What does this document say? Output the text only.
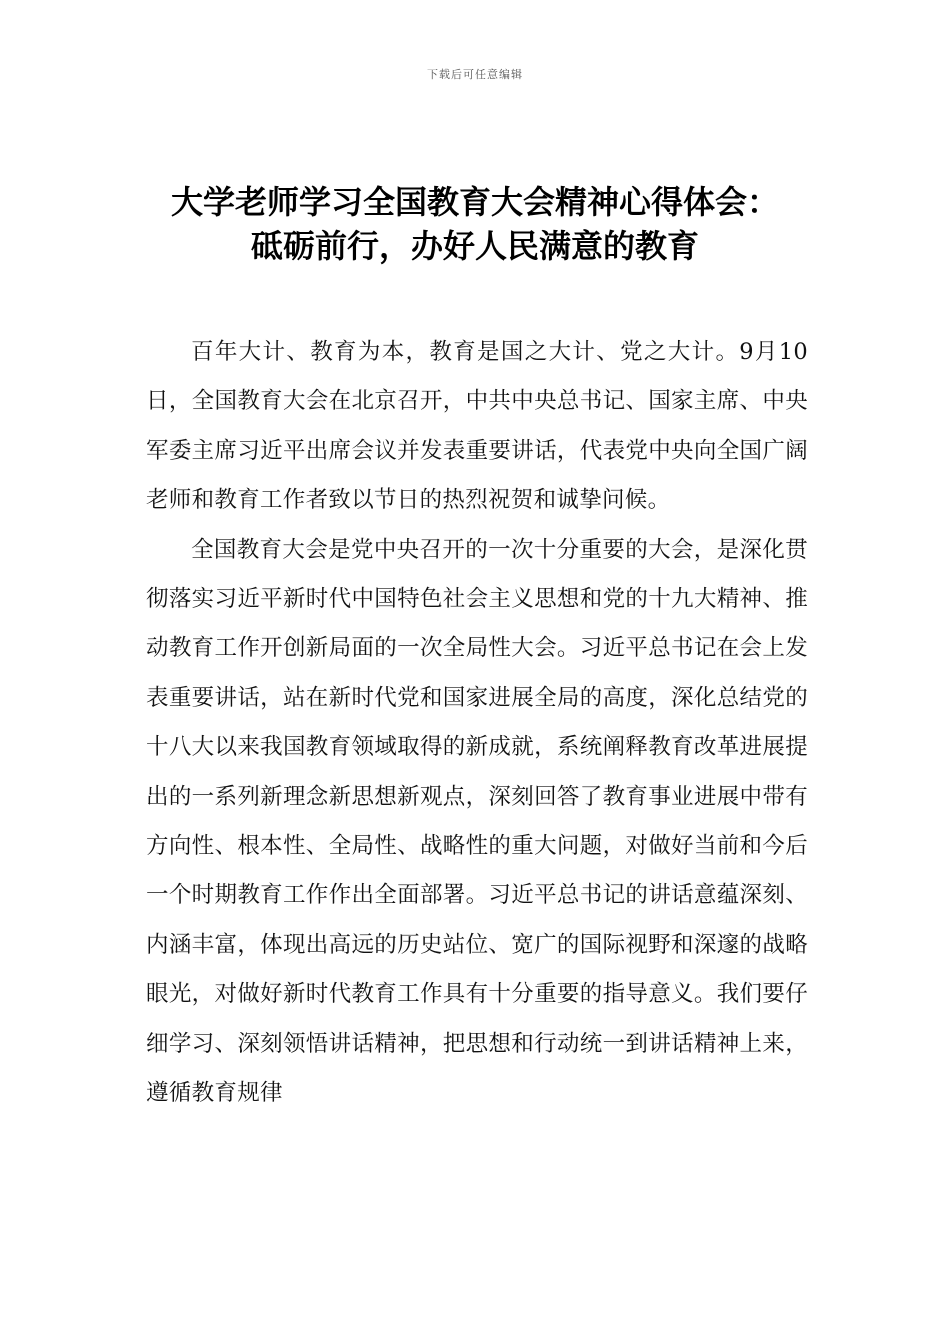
下载后可任意编辑
大学老师学习全国教育大会精神心得体会：
砥砺前行，办好人民满意的教育

百年大计、教育为本，教育是国之大计、党之大计。9月10日，全国教育大会在北京召开，中共中央总书记、国家主席、中央军委主席习近平出席会议并发表重要讲话，代表党中央向全国广阔老师和教育工作者致以节日的热烈祝贺和诚挚问候。

全国教育大会是党中央召开的一次十分重要的大会，是深化贯彻落实习近平新时代中国特色社会主义思想和党的十九大精神、推动教育工作开创新局面的一次全局性大会。习近平总书记在会上发表重要讲话，站在新时代党和国家进展全局的高度，深化总结党的十八大以来我国教育领域取得的新成就，系统阐释教育改革进展提出的一系列新理念新思想新观点，深刻回答了教育事业进展中带有方向性、根本性、全局性、战略性的重大问题，对做好当前和今后一个时期教育工作作出全面部署。习近平总书记的讲话意蕴深刻、内涵丰富，体现出高远的历史站位、宽广的国际视野和深邃的战略眼光，对做好新时代教育工作具有十分重要的指导意义。我们要仔细学习、深刻领悟讲话精神，把思想和行动统一到讲话精神上来，遵循教育规律
